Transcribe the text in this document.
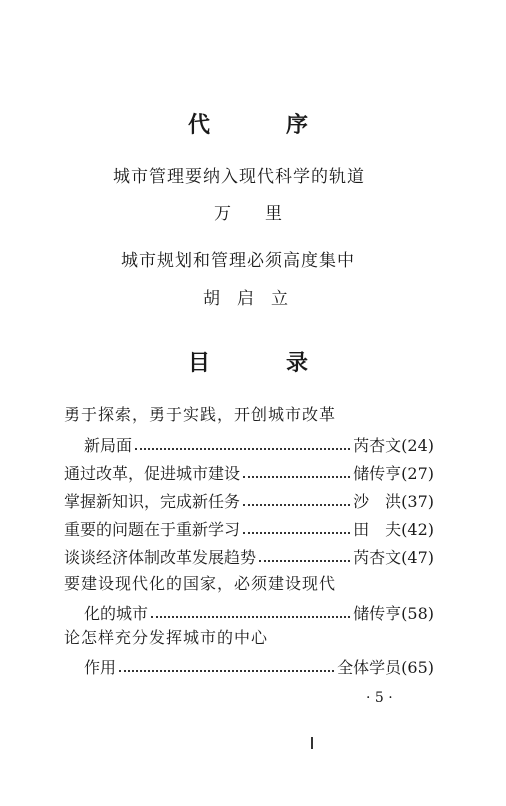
代	序
城市管理要纳入现代科学的轨道
万　　里
城市规划和管理必须高度集中
胡　启　立
目	录
勇于探索，勇于实践，开创城市改革
新局面	芮杏文 (24)
通过改革，促进城市建设	储传亨 (27)
掌握新知识，完成新任务	沙　洪 (37)
重要的问题在于重新学习	田　夫 (42)
谈谈经济体制改革发展趋势	芮杏文 (47)
要建设现代化的国家，必须建设现代
化的城市	储传亨 (58)
论怎样充分发挥城市的中心
作用	全体学员 (65)
· 5 ·
